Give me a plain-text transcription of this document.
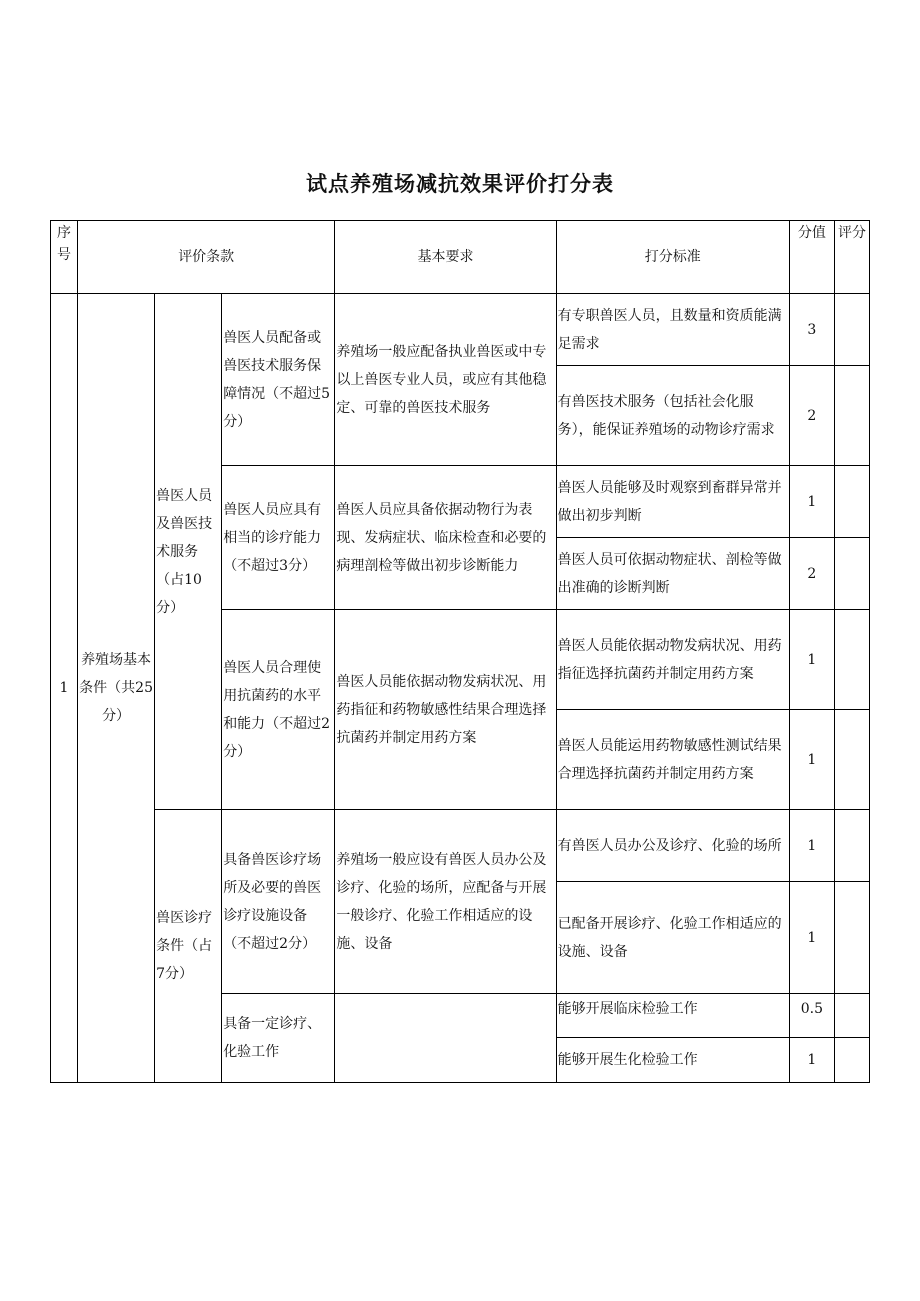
试点养殖场减抗效果评价打分表
序号	评价条款			基本要求	打分标准	分值	评分
1	养殖场基本条件（共25分）	兽医人员及兽医技术服务（占10分）	兽医人员配备或兽医技术服务保障情况（不超过5分）	养殖场一般应配备执业兽医或中专以上兽医专业人员，或应有其他稳定、可靠的兽医技术服务	有专职兽医人员，且数量和资质能满足需求	3	
					有兽医技术服务（包括社会化服务），能保证养殖场的动物诊疗需求	2	
			兽医人员应具有相当的诊疗能力（不超过3分）	兽医人员应具备依据动物行为表现、发病症状、临床检查和必要的病理剖检等做出初步诊断能力	兽医人员能够及时观察到畜群异常并做出初步判断	1	
					兽医人员可依据动物症状、剖检等做出准确的诊断判断	2	
			兽医人员合理使用抗菌药的水平和能力（不超过2分）	兽医人员能依据动物发病状况、用药指征和药物敏感性结果合理选择抗菌药并制定用药方案	兽医人员能依据动物发病状况、用药指征选择抗菌药并制定用药方案	1	
					兽医人员能运用药物敏感性测试结果合理选择抗菌药并制定用药方案	1	
		兽医诊疗条件（占7分）	具备兽医诊疗场所及必要的兽医诊疗设施设备（不超过2分）	养殖场一般应设有兽医人员办公及诊疗、化验的场所，应配备与开展一般诊疗、化验工作相适应的设施、设备	有兽医人员办公及诊疗、化验的场所	1	
					已配备开展诊疗、化验工作相适应的设施、设备	1	
			具备一定诊疗、化验工作		能够开展临床检验工作	0.5	
					能够开展生化检验工作	1	
